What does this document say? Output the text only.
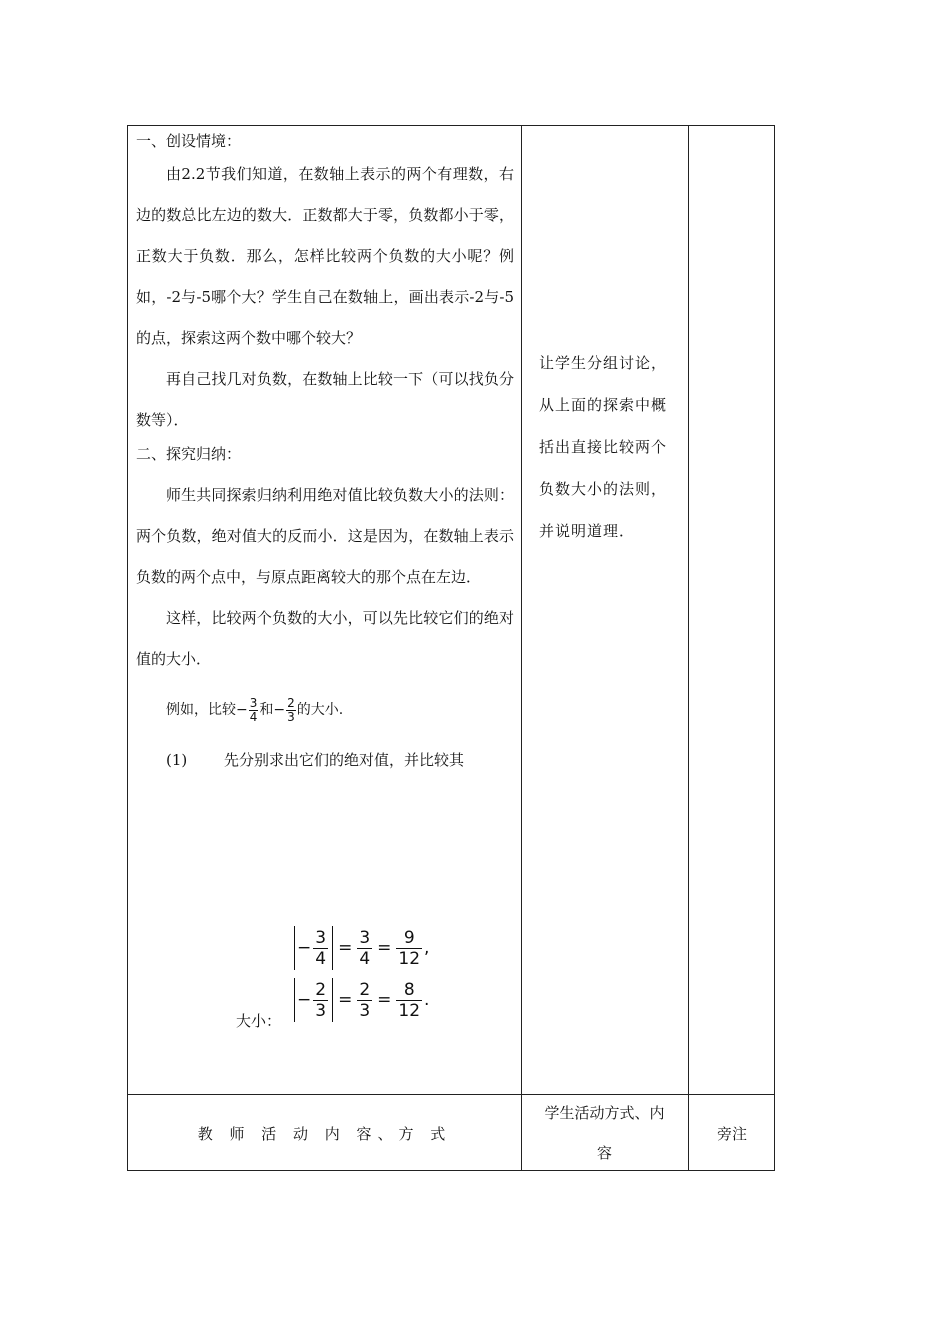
一、创设情境：

由2.2节我们知道，在数轴上表示的两个有理数，右边的数总比左边的数大．正数都大于零，负数都小于零，正数大于负数．那么，怎样比较两个负数的大小呢？例如，-2与-5哪个大？学生自己在数轴上，画出表示-2与-5的点，探索这两个数中哪个较大？

再自己找几对负数，在数轴上比较一下（可以找负分数等）．

二、探究归纳：

师生共同探索归纳利用绝对值比较负数大小的法则：两个负数，绝对值大的反而小．这是因为，在数轴上表示负数的两个点中，与原点距离较大的那个点在左边．

这样，比较两个负数的大小，可以先比较它们的绝对值的大小．

例如，比较− $\frac{3}{4}$ 和− $\frac{2}{3}$ 的大小.

(1) 先分别求出它们的绝对值，并比较其

− $\frac{3}{4} = \frac{3}{4} = \frac{9}{12}$ ,
− $\frac{2}{3} = \frac{2}{3} = \frac{8}{12}$ .
大小：

让学生分组讨论，

从上面的探索中概

括出直接比较两个

负数大小的法则，

并说明道理．

教 师 活 动 内 容、方 式
学生活动方式、内
容
旁注
